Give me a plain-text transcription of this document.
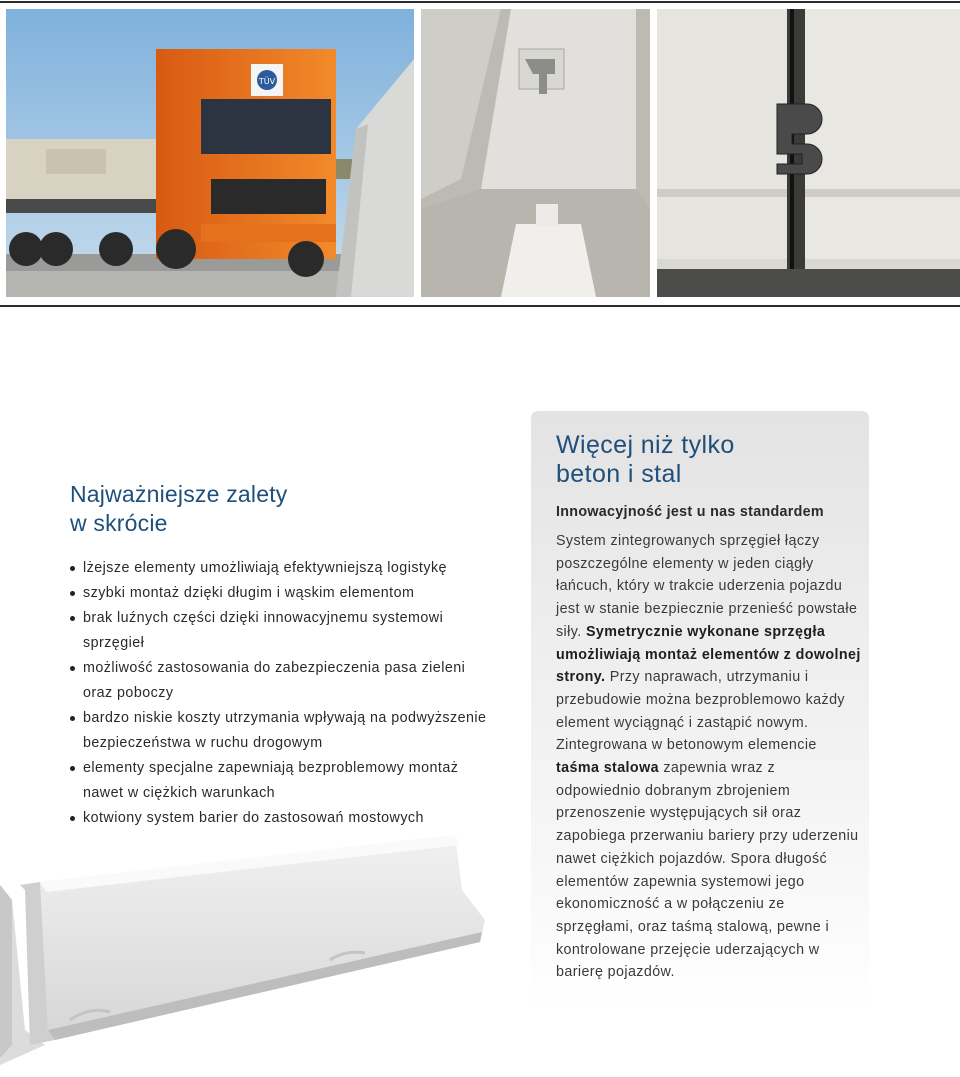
TÜV
Najważniejsze zalety
w skrócie
lżejsze elementy umożliwiają efektywniejszą logistykę
szybki montaż dzięki długim i wąskim elementom
brak luźnych części dzięki innowacyjnemu systemowi sprzęgieł
możliwość zastosowania do zabezpieczenia pasa zieleni oraz poboczy
bardzo niskie koszty utrzymania wpływają na podwyższenie bezpieczeństwa w ruchu drogowym
elementy specjalne zapewniają bezproblemowy montaż nawet w ciężkich warunkach
kotwiony system barier do zastosowań mostowych
Więcej niż tylko
beton i stal

Innowacyjność jest u nas standardem

System zintegrowanych sprzęgieł łączy poszczególne elementy w jeden ciągły łańcuch, który w trakcie uderzenia pojazdu jest w stanie bezpiecznie przenieść powstałe siły. Symetrycznie wykonane sprzęgła umożliwiają montaż elementów z dowolnej strony. Przy naprawach, utrzymaniu i przebudowie można bezproblemowo każdy element wyciągnąć i zastąpić nowym. Zintegrowana w betonowym elemencie taśma stalowa zapewnia wraz z odpowiednio dobranym zbrojeniem przenoszenie występujących sił oraz zapobiega przerwaniu bariery przy uderzeniu nawet ciężkich pojazdów. Spora długość elementów zapewnia systemowi jego ekonomiczność a w połączeniu ze sprzęgłami, oraz taśmą stalową, pewne i kontrolowane przejęcie uderzających w barierę pojazdów.
